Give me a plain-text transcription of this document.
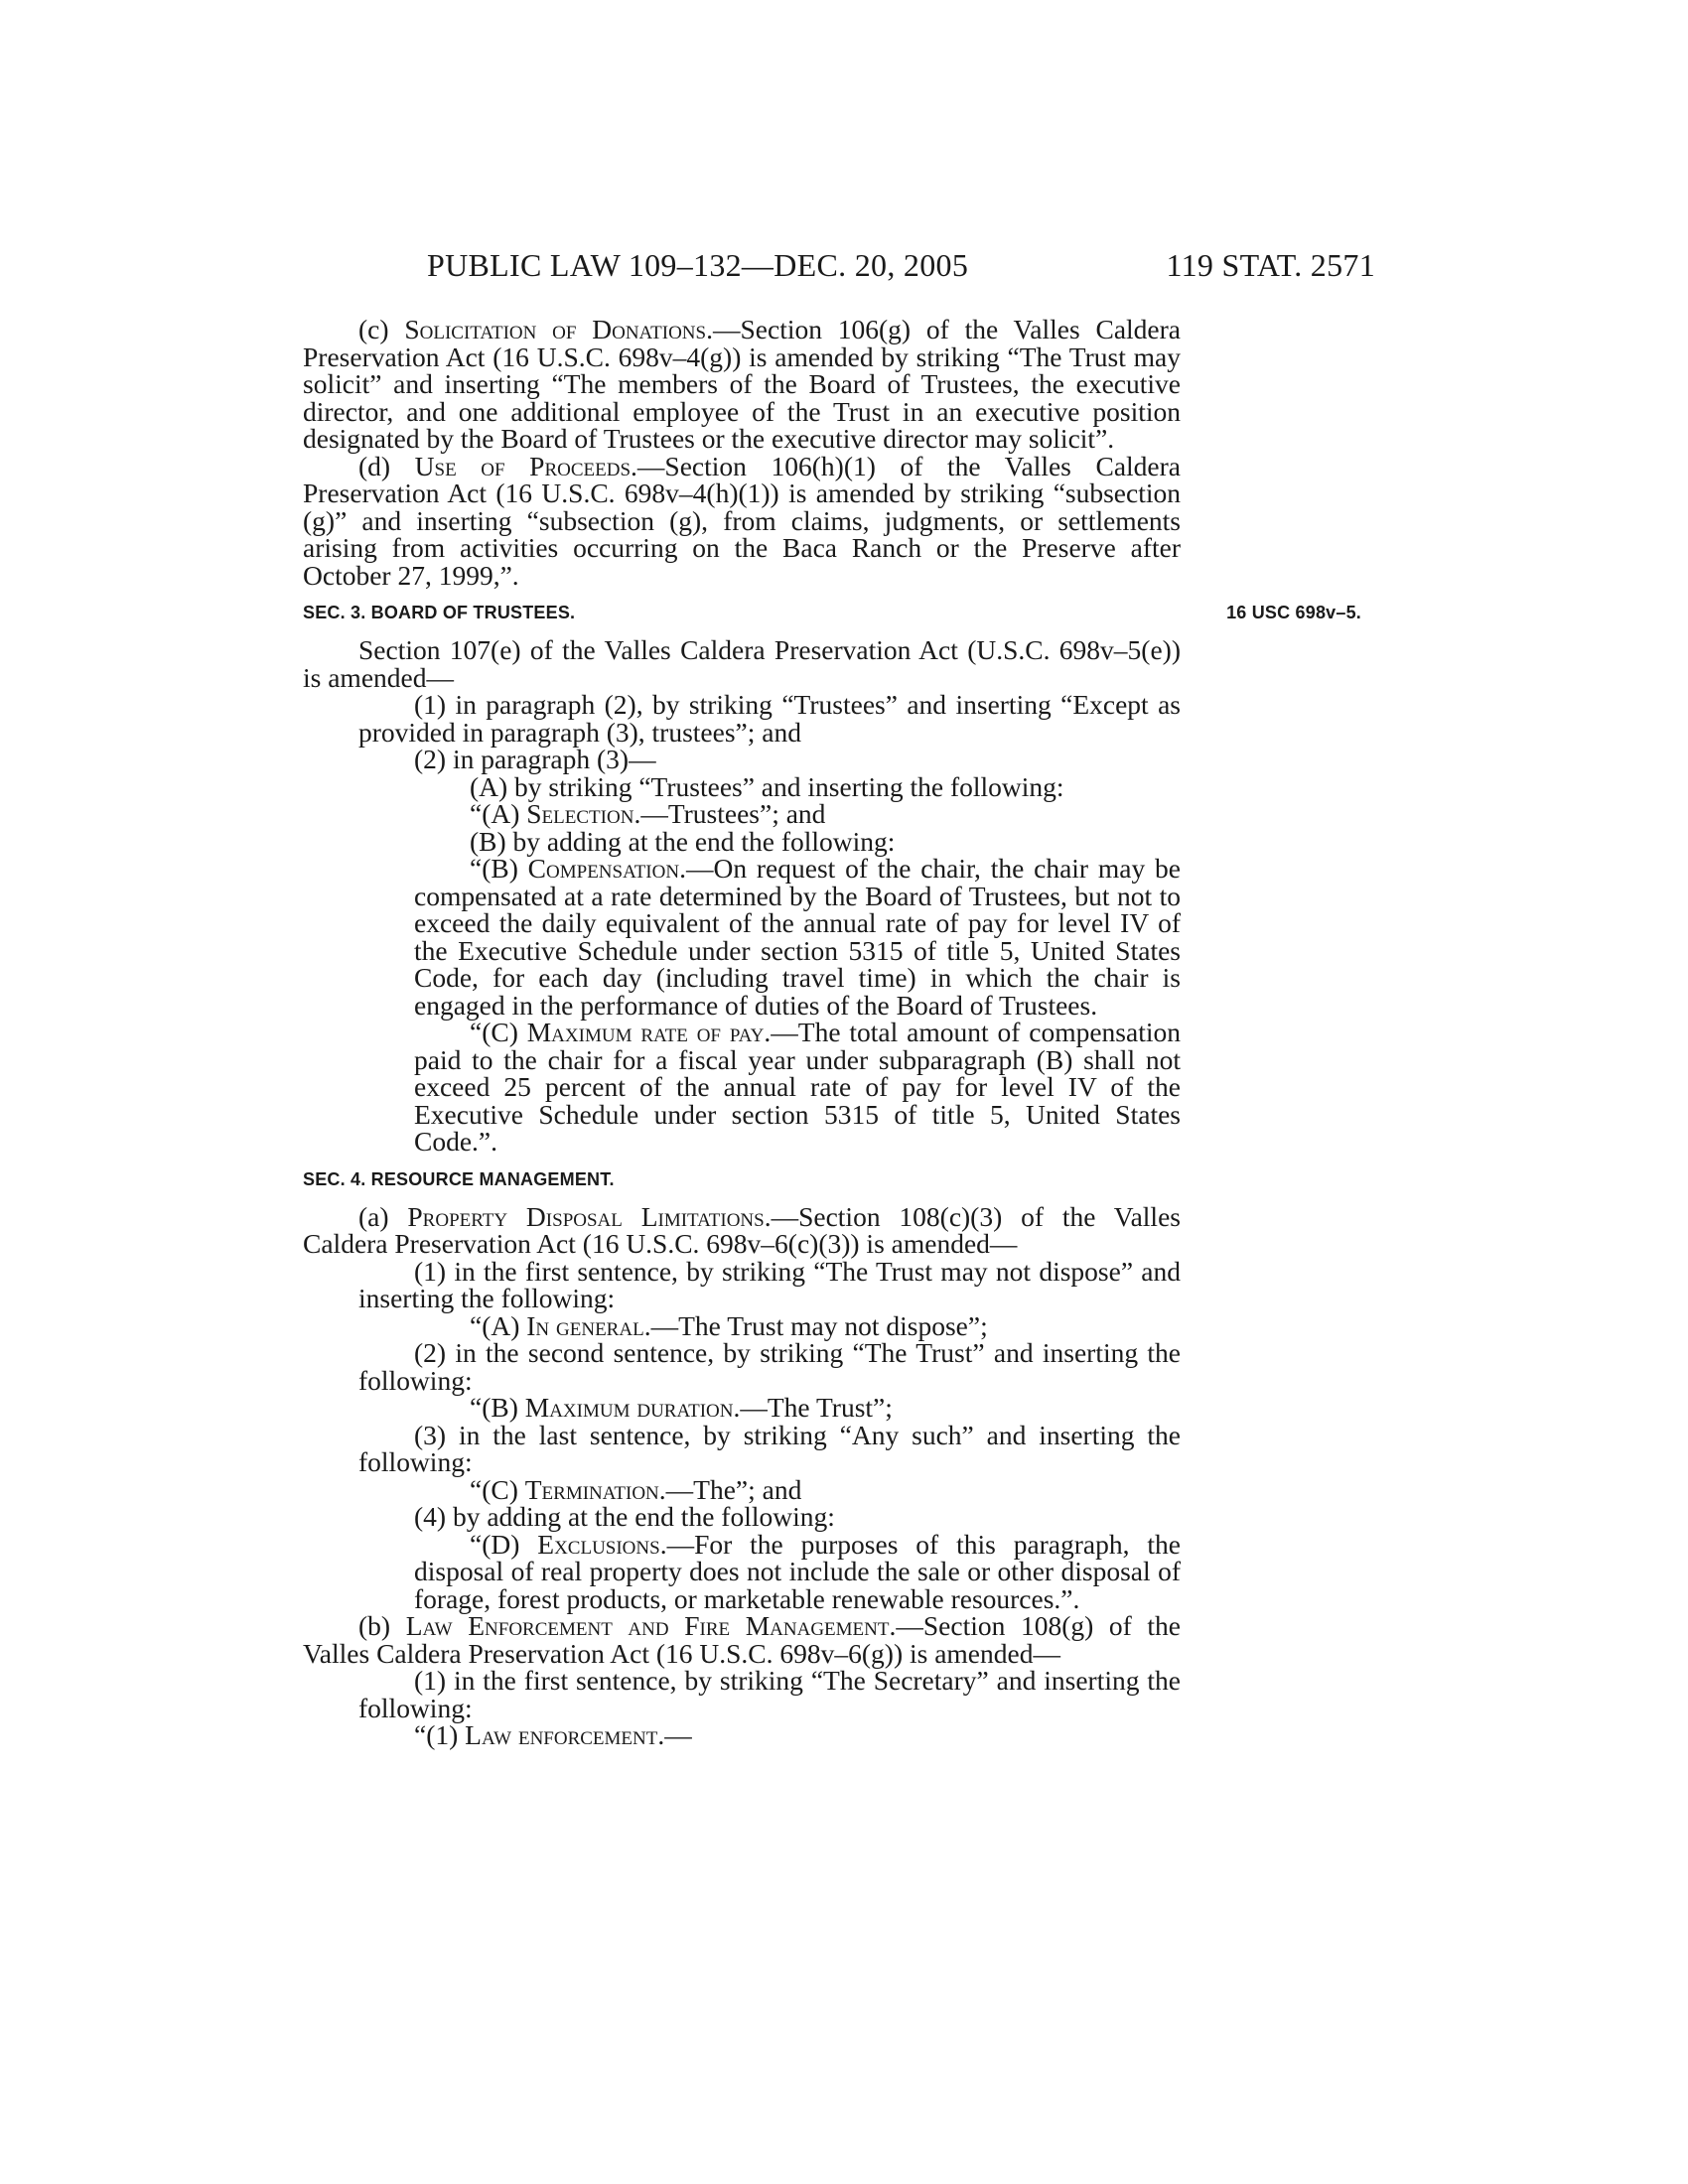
PUBLIC LAW 109–132—DEC. 20, 2005	119 STAT. 2571

(c) Solicitation of Donations.—Section 106(g) of the Valles Caldera Preservation Act (16 U.S.C. 698v–4(g)) is amended by striking “The Trust may solicit” and inserting “The members of the Board of Trustees, the executive director, and one additional employee of the Trust in an executive position designated by the Board of Trustees or the executive director may solicit”.

(d) Use of Proceeds.—Section 106(h)(1) of the Valles Caldera Preservation Act (16 U.S.C. 698v–4(h)(1)) is amended by striking “subsection (g)” and inserting “subsection (g), from claims, judgments, or settlements arising from activities occurring on the Baca Ranch or the Preserve after October 27, 1999,”.

SEC. 3. BOARD OF TRUSTEES.	16 USC 698v–5.

Section 107(e) of the Valles Caldera Preservation Act (U.S.C. 698v–5(e)) is amended—

(1) in paragraph (2), by striking “Trustees” and inserting “Except as provided in paragraph (3), trustees”; and

(2) in paragraph (3)—

(A) by striking “Trustees” and inserting the following:

“(A) Selection.—Trustees”; and

(B) by adding at the end the following:

“(B) Compensation.—On request of the chair, the chair may be compensated at a rate determined by the Board of Trustees, but not to exceed the daily equivalent of the annual rate of pay for level IV of the Executive Schedule under section 5315 of title 5, United States Code, for each day (including travel time) in which the chair is engaged in the performance of duties of the Board of Trustees.

“(C) Maximum rate of pay.—The total amount of compensation paid to the chair for a fiscal year under subparagraph (B) shall not exceed 25 percent of the annual rate of pay for level IV of the Executive Schedule under section 5315 of title 5, United States Code.”.

SEC. 4. RESOURCE MANAGEMENT.

(a) Property Disposal Limitations.—Section 108(c)(3) of the Valles Caldera Preservation Act (16 U.S.C. 698v–6(c)(3)) is amended—

(1) in the first sentence, by striking “The Trust may not dispose” and inserting the following:

“(A) In general.—The Trust may not dispose”;

(2) in the second sentence, by striking “The Trust” and inserting the following:

“(B) Maximum duration.—The Trust”;

(3) in the last sentence, by striking “Any such” and inserting the following:

“(C) Termination.—The”; and

(4) by adding at the end the following:

“(D) Exclusions.—For the purposes of this paragraph, the disposal of real property does not include the sale or other disposal of forage, forest products, or marketable renewable resources.”.

(b) Law Enforcement and Fire Management.—Section 108(g) of the Valles Caldera Preservation Act (16 U.S.C. 698v–6(g)) is amended—

(1) in the first sentence, by striking “The Secretary” and inserting the following:

“(1) Law enforcement.—
